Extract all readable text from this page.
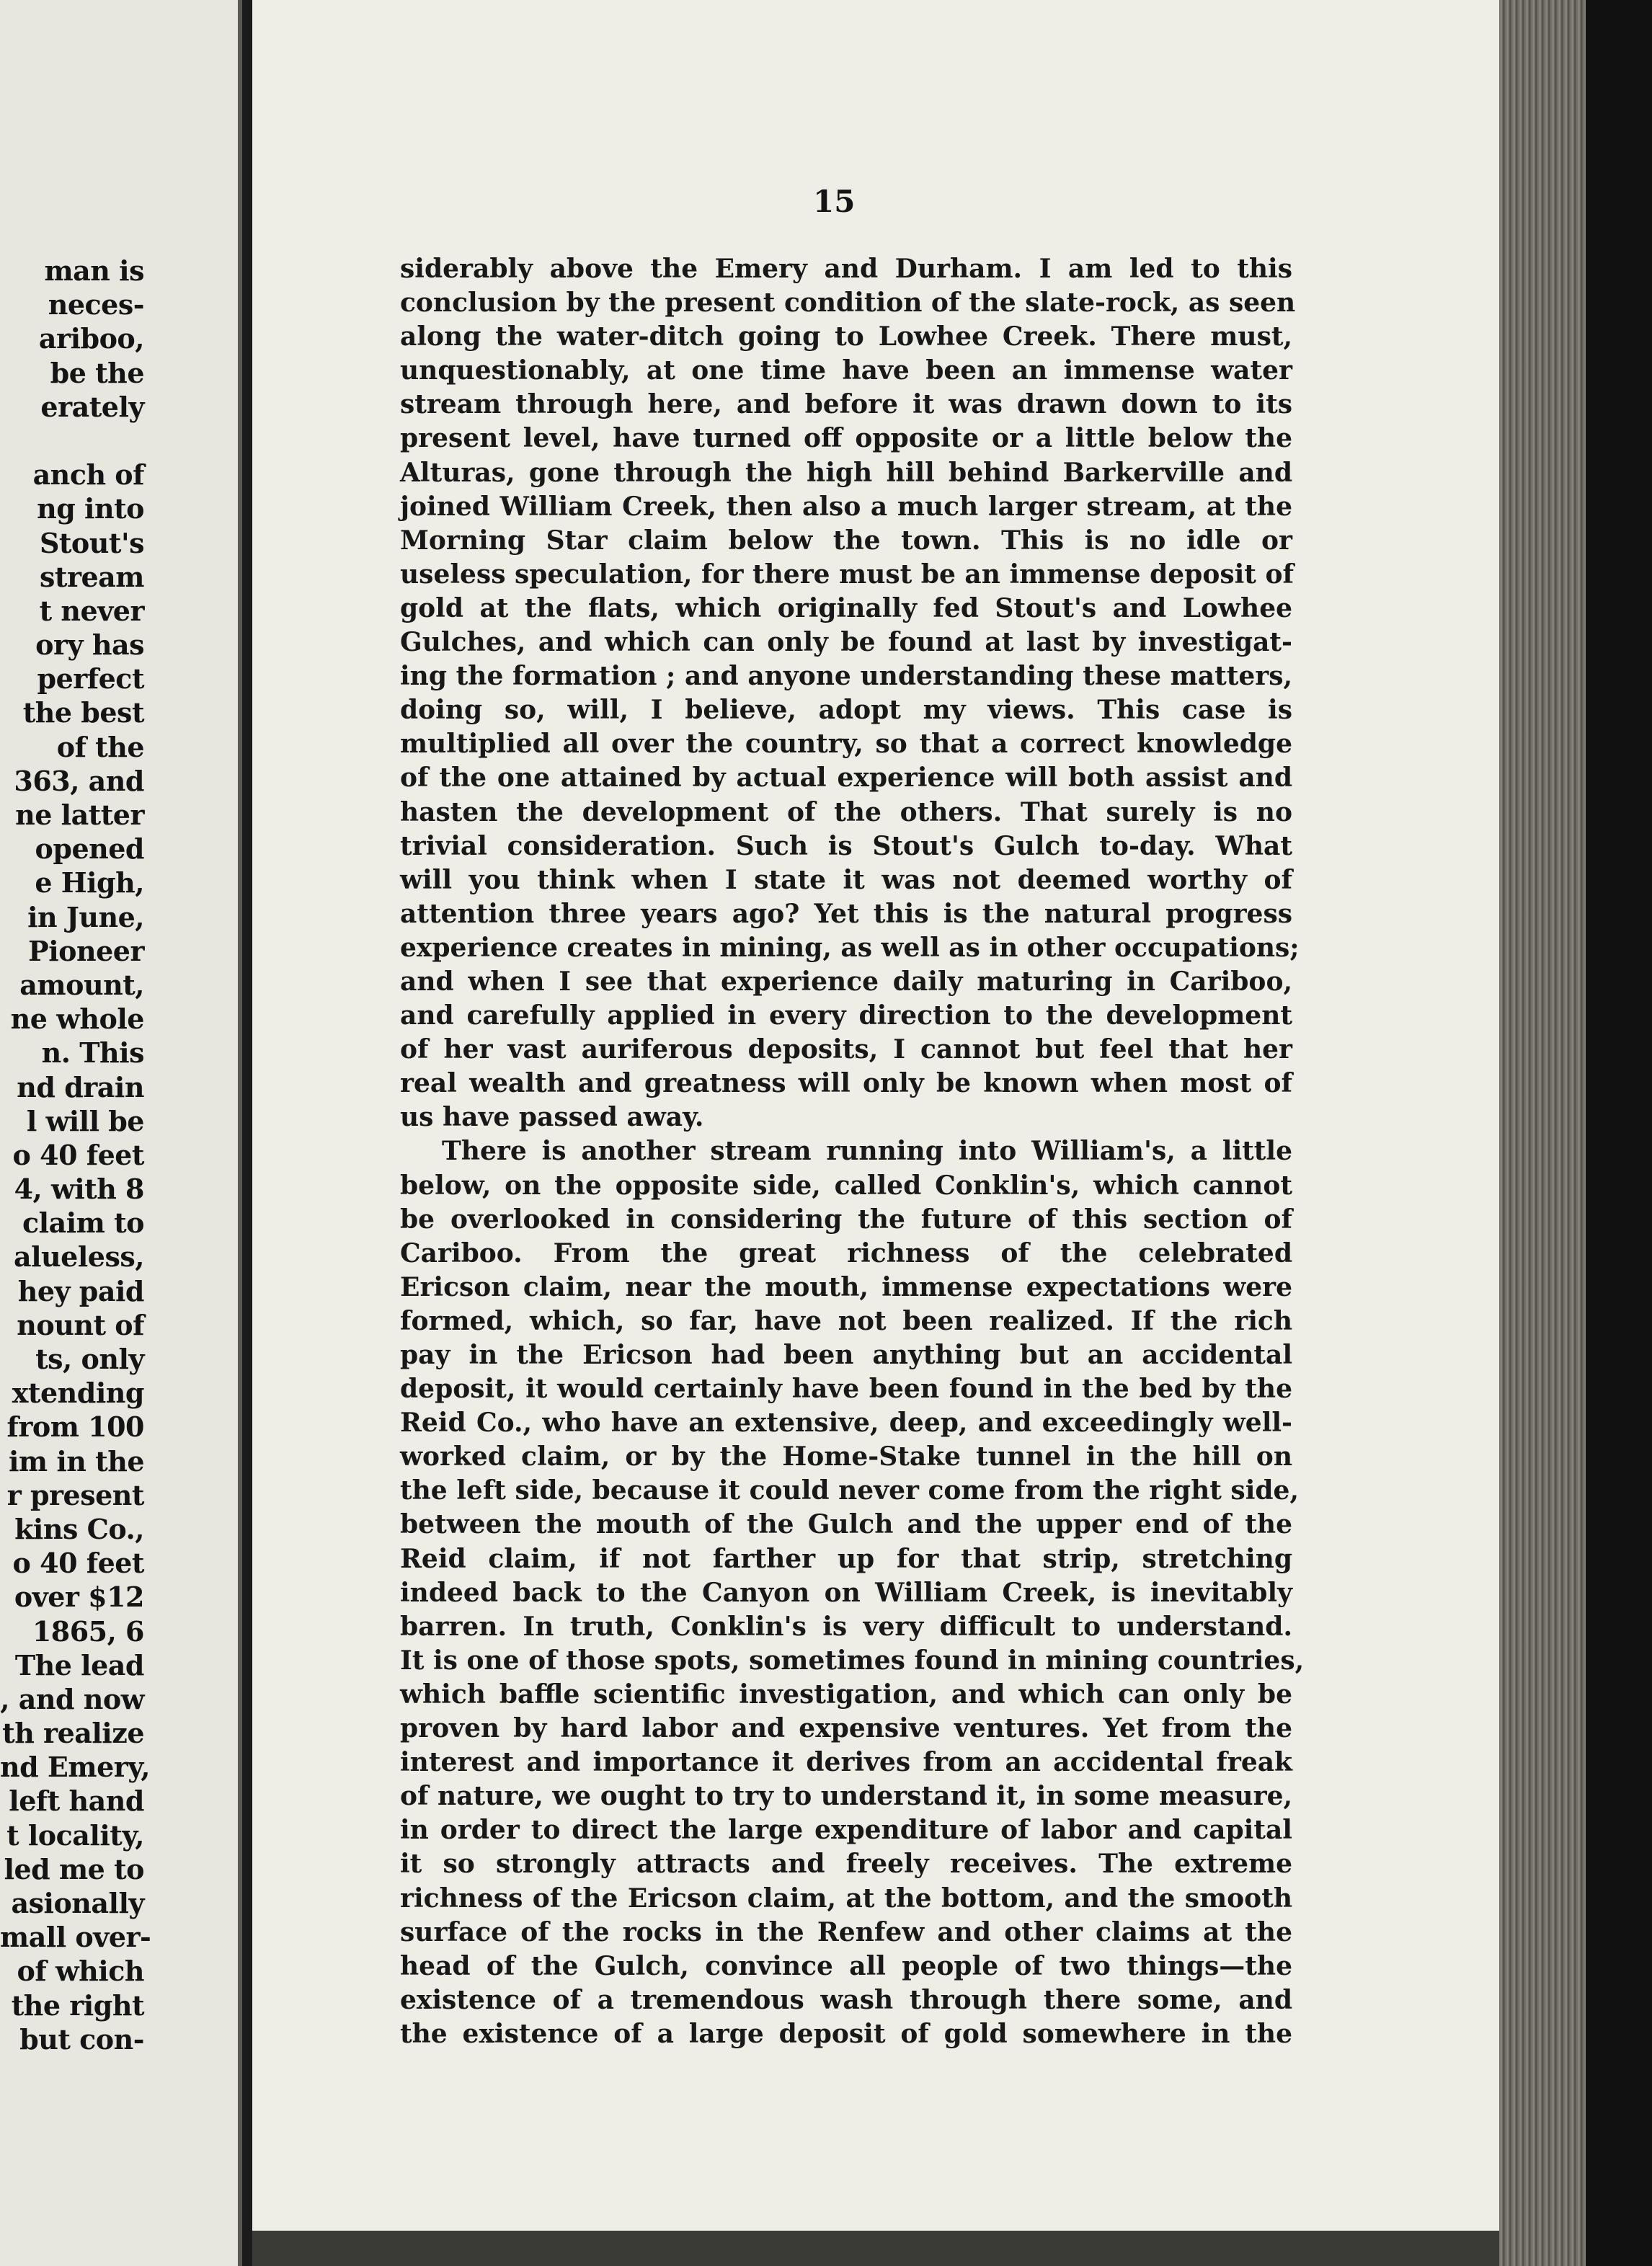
man is
neces-
ariboo,
be the
erately
anch of
ng into
Stout's
stream
t never
ory has
perfect
the best
of the
363, and
ne latter
opened
e High,
in June,
Pioneer
amount,
ne whole
n. This
nd drain
l will be
o 40 feet
4, with 8
claim to
alueless,
hey paid
nount of
ts, only
xtending
from 100
im in the
r present
kins Co.,
o 40 feet
over $12
1865, 6
The lead
, and now
th realize
nd Emery,
left hand
t locality,
led me to
asionally
mall over-
of which
the right
but con-
15
siderably above the Emery and Durham. I am led to this
conclusion by the present condition of the slate-rock, as seen
along the water-ditch going to Lowhee Creek. There must,
unquestionably, at one time have been an immense water
stream through here, and before it was drawn down to its
present level, have turned off opposite or a little below the
Alturas, gone through the high hill behind Barkerville and
joined William Creek, then also a much larger stream, at the
Morning Star claim below the town. This is no idle or
useless speculation, for there must be an immense deposit of
gold at the flats, which originally fed Stout's and Lowhee
Gulches, and which can only be found at last by investigat-
ing the formation ; and anyone understanding these matters,
doing so, will, I believe, adopt my views. This case is
multiplied all over the country, so that a correct knowledge
of the one attained by actual experience will both assist and
hasten the development of the others. That surely is no
trivial consideration. Such is Stout's Gulch to-day. What
will you think when I state it was not deemed worthy of
attention three years ago? Yet this is the natural progress
experience creates in mining, as well as in other occupations;
and when I see that experience daily maturing in Cariboo,
and carefully applied in every direction to the development
of her vast auriferous deposits, I cannot but feel that her
real wealth and greatness will only be known when most of
us have passed away.
There is another stream running into William's, a little
below, on the opposite side, called Conklin's, which cannot
be overlooked in considering the future of this section of
Cariboo. From the great richness of the celebrated
Ericson claim, near the mouth, immense expectations were
formed, which, so far, have not been realized. If the rich
pay in the Ericson had been anything but an accidental
deposit, it would certainly have been found in the bed by the
Reid Co., who have an extensive, deep, and exceedingly well-
worked claim, or by the Home-Stake tunnel in the hill on
the left side, because it could never come from the right side,
between the mouth of the Gulch and the upper end of the
Reid claim, if not farther up for that strip, stretching
indeed back to the Canyon on William Creek, is inevitably
barren. In truth, Conklin's is very difficult to understand.
It is one of those spots, sometimes found in mining countries,
which baffle scientific investigation, and which can only be
proven by hard labor and expensive ventures. Yet from the
interest and importance it derives from an accidental freak
of nature, we ought to try to understand it, in some measure,
in order to direct the large expenditure of labor and capital
it so strongly attracts and freely receives. The extreme
richness of the Ericson claim, at the bottom, and the smooth
surface of the rocks in the Renfew and other claims at the
head of the Gulch, convince all people of two things—the
existence of a tremendous wash through there some, and
the existence of a large deposit of gold somewhere in the
